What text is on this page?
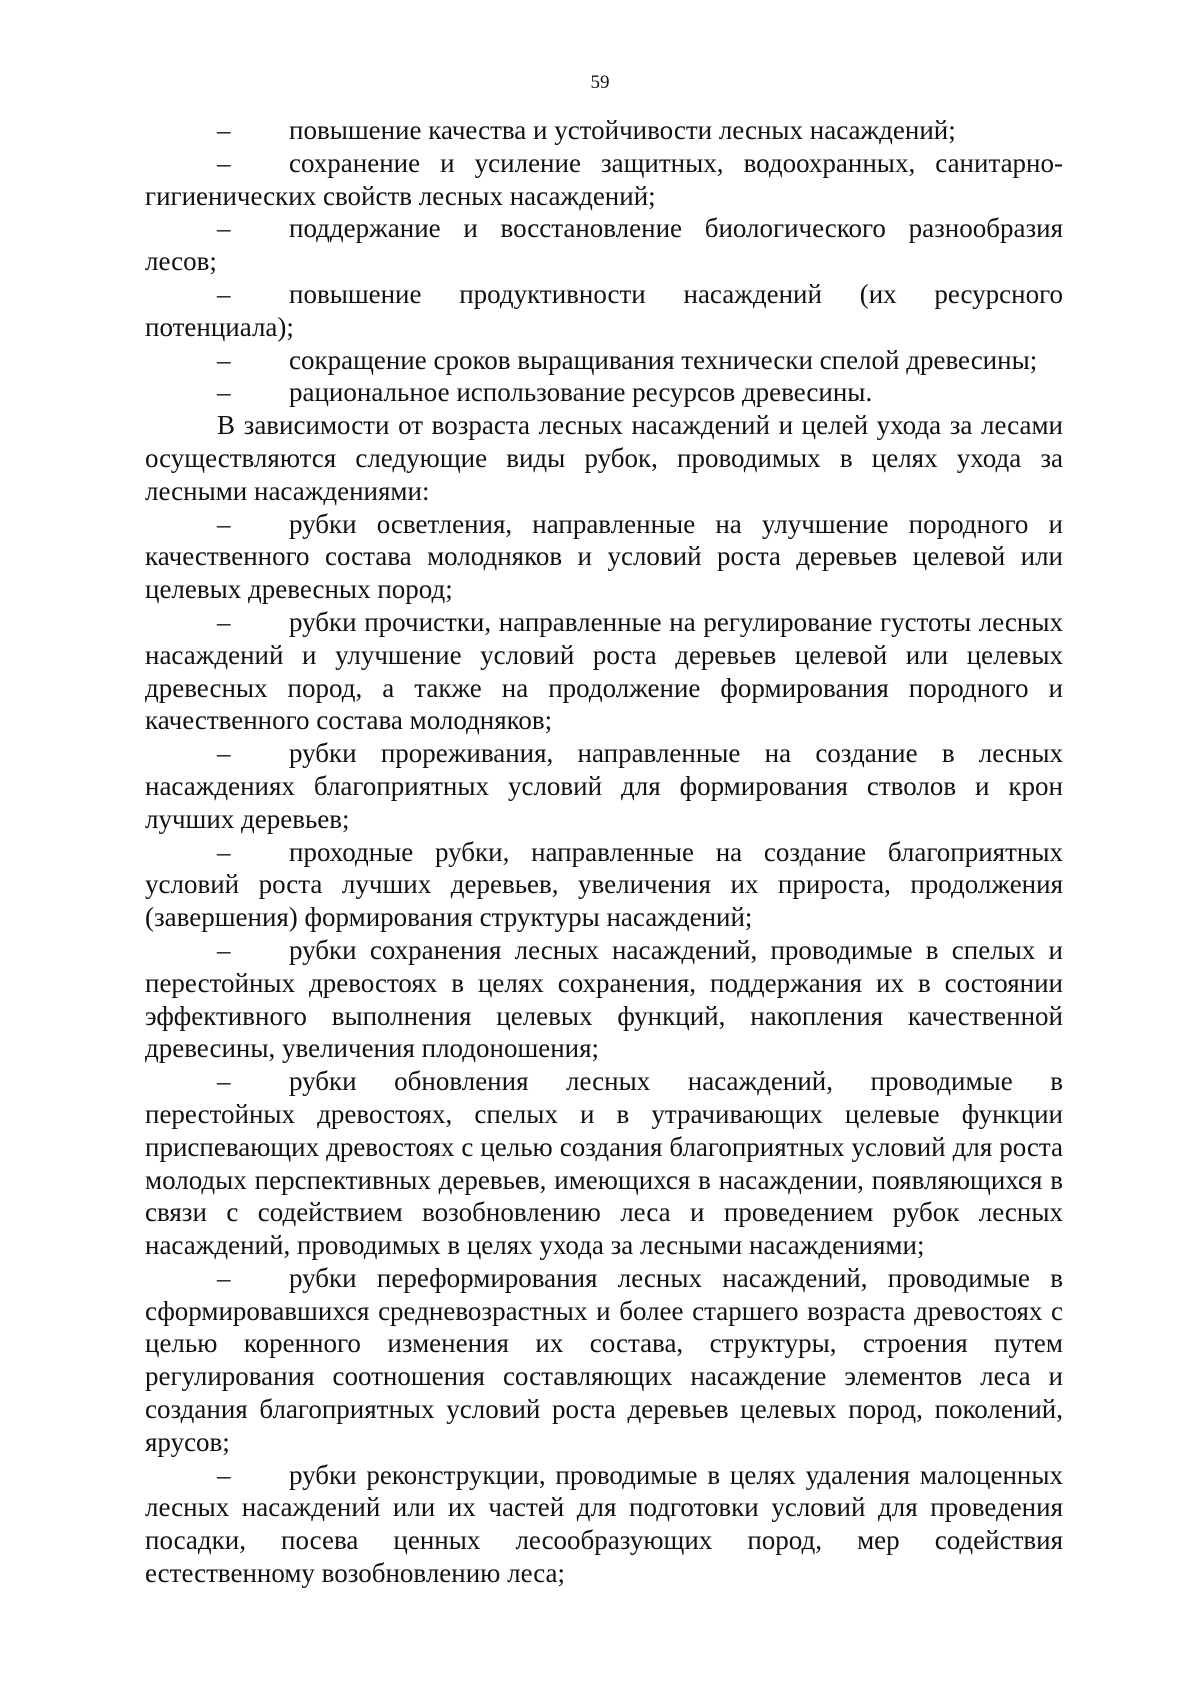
59

– повышение качества и устойчивости лесных насаждений;

– сохранение и усиление защитных, водоохранных, санитарно-гигиенических свойств лесных насаждений;

– поддержание и восстановление биологического разнообразия лесов;

– повышение продуктивности насаждений (их ресурсного потенциала);

– сокращение сроков выращивания технически спелой древесины;

– рациональное использование ресурсов древесины.

В зависимости от возраста лесных насаждений и целей ухода за лесами осуществляются следующие виды рубок, проводимых в целях ухода за лесными насаждениями:

– рубки осветления, направленные на улучшение породного и качественного состава молодняков и условий роста деревьев целевой или целевых древесных пород;

– рубки прочистки, направленные на регулирование густоты лесных насаждений и улучшение условий роста деревьев целевой или целевых древесных пород, а также на продолжение формирования породного и качественного состава молодняков;

– рубки прореживания, направленные на создание в лесных насаждениях благоприятных условий для формирования стволов и крон лучших деревьев;

– проходные рубки, направленные на создание благоприятных условий роста лучших деревьев, увеличения их прироста, продолжения (завершения) формирования структуры насаждений;

– рубки сохранения лесных насаждений, проводимые в спелых и перестойных древостоях в целях сохранения, поддержания их в состоянии эффективного выполнения целевых функций, накопления качественной древесины, увеличения плодоношения;

– рубки обновления лесных насаждений, проводимые в перестойных древостоях, спелых и в утрачивающих целевые функции приспевающих древостоях с целью создания благоприятных условий для роста молодых перспективных деревьев, имеющихся в насаждении, появляющихся в связи с содействием возобновлению леса и проведением рубок лесных насаждений, проводимых в целях ухода за лесными насаждениями;

– рубки переформирования лесных насаждений, проводимые в сформировавшихся средневозрастных и более старшего возраста древостоях с целью коренного изменения их состава, структуры, строения путем регулирования соотношения составляющих насаждение элементов леса и создания благоприятных условий роста деревьев целевых пород, поколений, ярусов;

– рубки реконструкции, проводимые в целях удаления малоценных лесных насаждений или их частей для подготовки условий для проведения посадки, посева ценных лесообразующих пород, мер содействия естественному возобновлению леса;
